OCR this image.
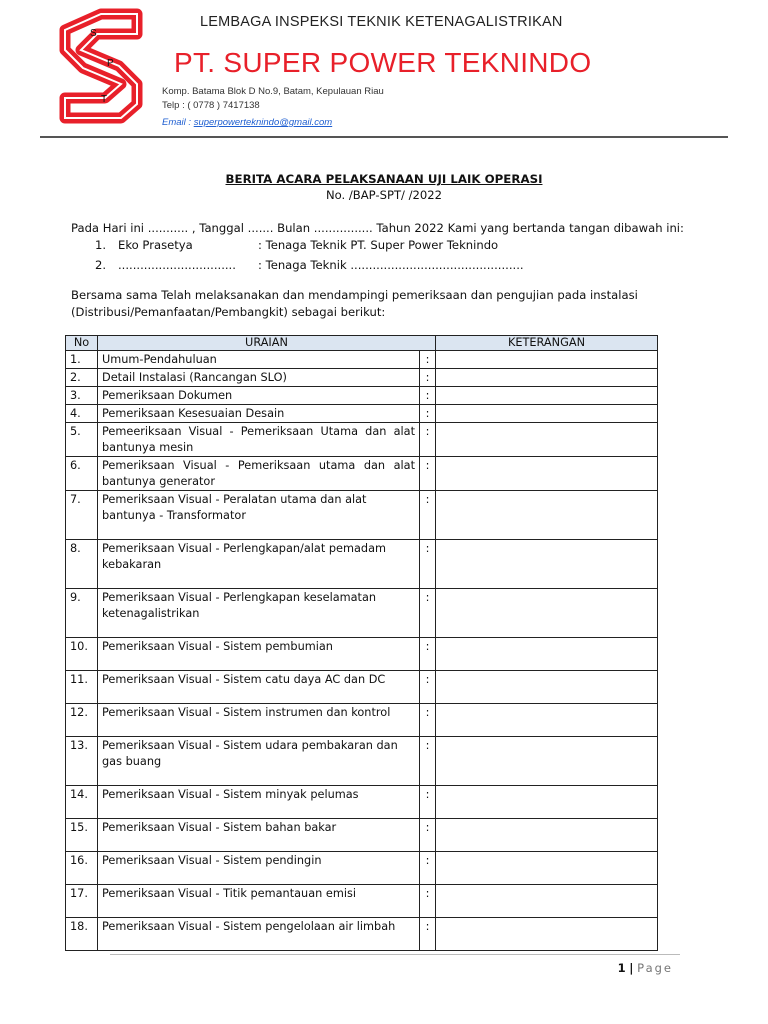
S
P
T
LEMBAGA INSPEKSI TEKNIK KETENAGALISTRIKAN
PT. SUPER POWER TEKNINDO
Komp. Batama Blok D No.9, Batam, Kepulauan Riau
Telp : ( 0778 ) 7417138
Email : superpowerteknindo@gmail.com
BERITA ACARA PELAKSANAAN UJI LAIK OPERASI
No. /BAP-SPT/ /2022
Pada Hari ini ........... , Tanggal ....... Bulan ................ Tahun 2022 Kami yang bertanda tangan dibawah ini:
1. Eko Prasetya	: Tenaga Teknik PT. Super Power Teknindo
2. ................................ : Tenaga Teknik ...............................................
Bersama sama Telah melaksanakan dan mendampingi pemeriksaan dan pengujian pada instalasi
(Distribusi/Pemanfaatan/Pembangkit) sebagai berikut:
No	URAIAN		KETERANGAN
1.	Umum-Pendahuluan	:	
2.	Detail Instalasi (Rancangan SLO)	:	
3.	Pemeriksaan Dokumen	:	
4.	Pemeriksaan Kesesuaian Desain	:	
5.	Pemeeriksaan Visual - Pemeriksaan Utama dan alat bantunya mesin	:	
6.	Pemeriksaan Visual - Pemeriksaan utama dan alat bantunya generator	:	
7.	Pemeriksaan Visual - Peralatan utama dan alat bantunya - Transformator	:	
8.	Pemeriksaan Visual - Perlengkapan/alat pemadam kebakaran	:	
9.	Pemeriksaan Visual - Perlengkapan keselamatan ketenagalistrikan	:	
10.	Pemeriksaan Visual - Sistem pembumian	:	
11.	Pemeriksaan Visual - Sistem catu daya AC dan DC	:	
12.	Pemeriksaan Visual - Sistem instrumen dan kontrol	:	
13.	Pemeriksaan Visual - Sistem udara pembakaran dan gas buang	:	
14.	Pemeriksaan Visual - Sistem minyak pelumas	:	
15.	Pemeriksaan Visual - Sistem bahan bakar	:	
16.	Pemeriksaan Visual - Sistem pendingin	:	
17.	Pemeriksaan Visual - Titik pemantauan emisi	:	
18.	Pemeriksaan Visual - Sistem pengelolaan air limbah	:	
1 | Page
